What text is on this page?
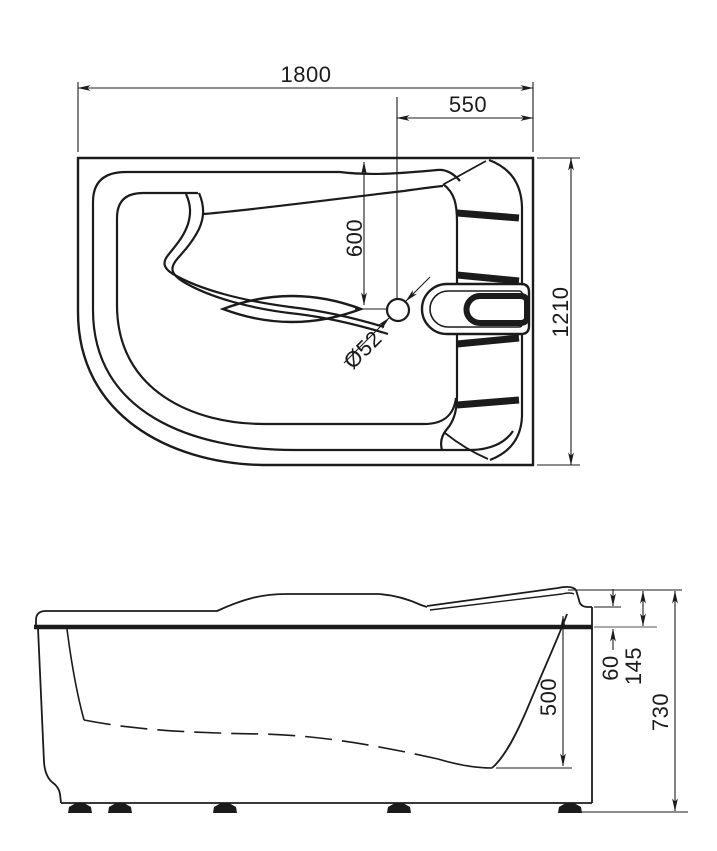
1800
550
600
Ø52
1210
500
60
145
730
